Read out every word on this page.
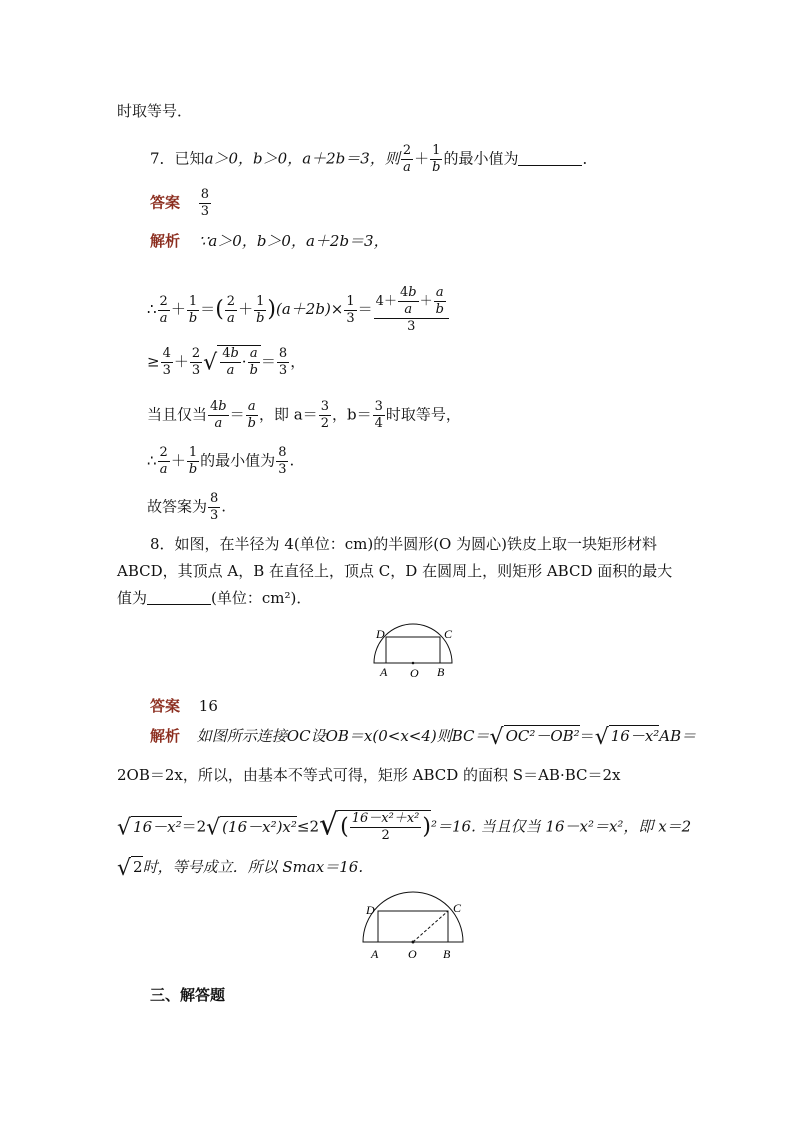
时取等号．
7．已知a＞0，b＞0，a＋2b＝3，则 $\frac{2}{a} + \frac{1}{b}$ 的最小值为	．
答案 $\frac{8}{3}$
解析 ∵a＞0，b＞0，a＋2b＝3，
∴ $\frac{2}{a} + \frac{1}{b}$ ＝( $\frac{2}{a} + \frac{1}{b} )(a+2b)\times \frac{1}{3} = \frac{4+ \frac{4b}{a} + \frac{a}{b}}{3}$
≥ $\frac{4}{3} + \frac{2}{3}$ √ $\frac{4b}{a} \cdot \frac{a}{b} = \frac{8}{3}$ ，
当且仅当 $\frac{4b}{a} = \frac{a}{b}$ ，即 $a= \frac{3}{2}$ ，$b= \frac{3}{4}$ 时取等号，
∴ $\frac{2}{a} + \frac{1}{b}$ 的最小值为 $\frac{8}{3}$ .
故答案为 $\frac{8}{3}$ .
8．如图，在半径为 4(单位：cm)的半圆形(O 为圆心)铁皮上取一块矩形材料
ABCD，其顶点 A，B 在直径上，顶点 C，D 在圆周上，则矩形 ABCD 面积的最大
值为	(单位：cm²)．
D	C
A O B
答案 16
解析 如图所示连接OC设OB＝x(0<x<4)则BC＝√ OC²－OB²＝√ 16－x²AB＝
2OB＝2x，所以，由基本不等式可得，矩形 ABCD 的面积 S＝AB·BC＝2x
√ 16－x²＝2√ $(16-x^2)x^2\le 2√( \frac{\text{16－x²＋x²}}{2} )^2=16$. 当且仅当 16－x²＝x²，即 x＝2
√ 2时，等号成立．所以 Smax＝16.
D	C
A O B
三、解答题
